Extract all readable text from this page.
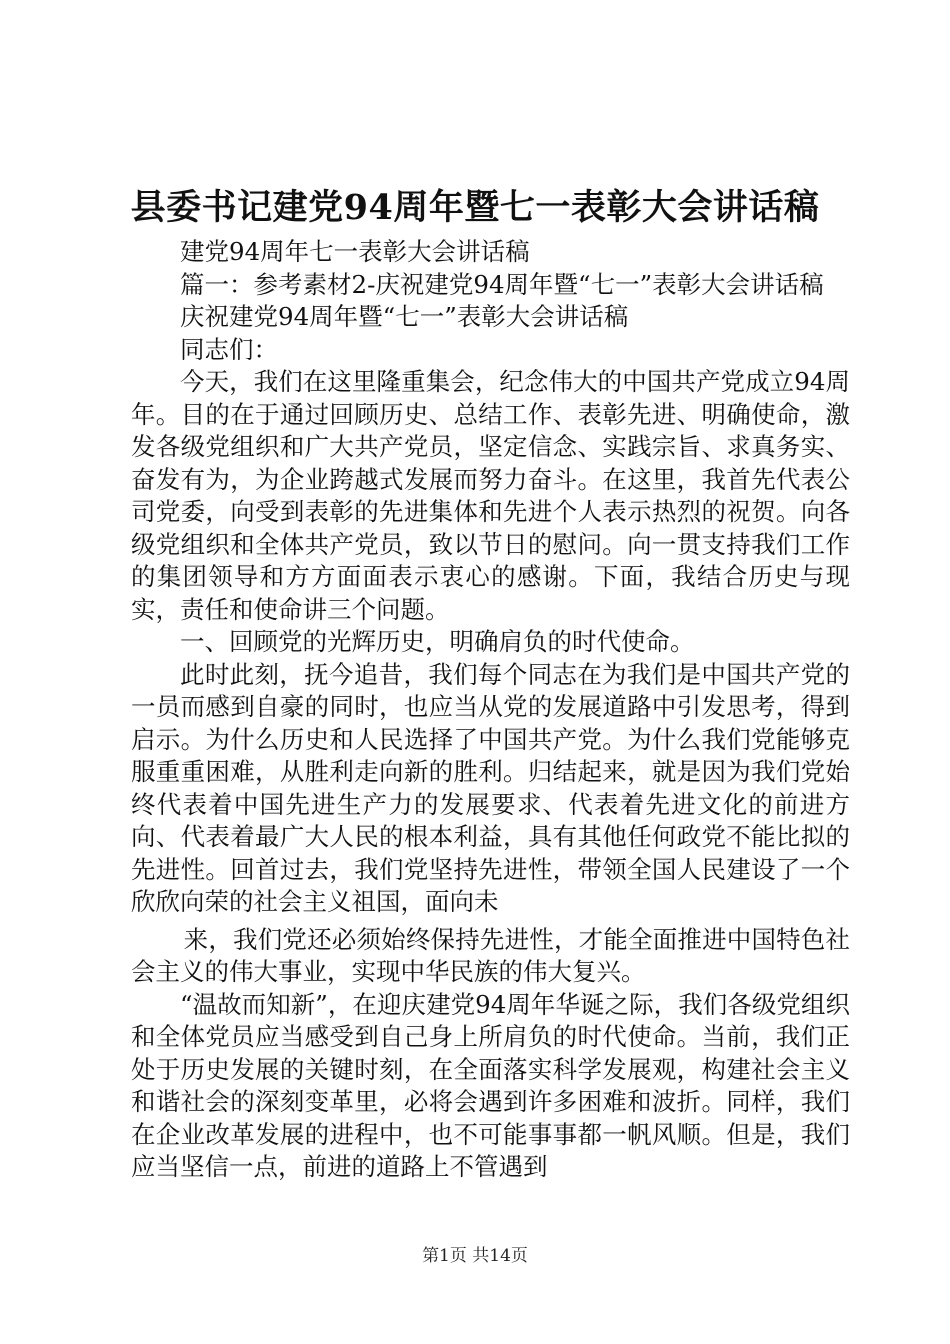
县委书记建党94周年暨七一表彰大会讲话稿

建党94周年七一表彰大会讲话稿

篇一：参考素材2-庆祝建党94周年暨“七一”表彰大会讲话稿

庆祝建党94周年暨“七一”表彰大会讲话稿

同志们：

今天，我们在这里隆重集会，纪念伟大的中国共产党成立94周年。目的在于通过回顾历史、总结工作、表彰先进、明确使命，激发各级党组织和广大共产党员，坚定信念、实践宗旨、求真务实、奋发有为，为企业跨越式发展而努力奋斗。在这里，我首先代表公司党委，向受到表彰的先进集体和先进个人表示热烈的祝贺。向各级党组织和全体共产党员，致以节日的慰问。向一贯支持我们工作的集团领导和方方面面表示衷心的感谢。下面，我结合历史与现实，责任和使命讲三个问题。

一、回顾党的光辉历史，明确肩负的时代使命。

此时此刻，抚今追昔，我们每个同志在为我们是中国共产党的一员而感到自豪的同时，也应当从党的发展道路中引发思考，得到启示。为什么历史和人民选择了中国共产党。为什么我们党能够克服重重困难，从胜利走向新的胜利。归结起来，就是因为我们党始终代表着中国先进生产力的发展要求、代表着先进文化的前进方向、代表着最广大人民的根本利益，具有其他任何政党不能比拟的先进性。回首过去，我们党坚持先进性，带领全国人民建设了一个欣欣向荣的社会主义祖国，面向未

来，我们党还必须始终保持先进性，才能全面推进中国特色社会主义的伟大事业，实现中华民族的伟大复兴。

“温故而知新”，在迎庆建党94周年华诞之际，我们各级党组织和全体党员应当感受到自己身上所肩负的时代使命。当前，我们正处于历史发展的关键时刻，在全面落实科学发展观，构建社会主义和谐社会的深刻变革里，必将会遇到许多困难和波折。同样，我们在企业改革发展的进程中，也不可能事事都一帆风顺。但是，我们应当坚信一点，前进的道路上不管遇到

第1页 共14页
